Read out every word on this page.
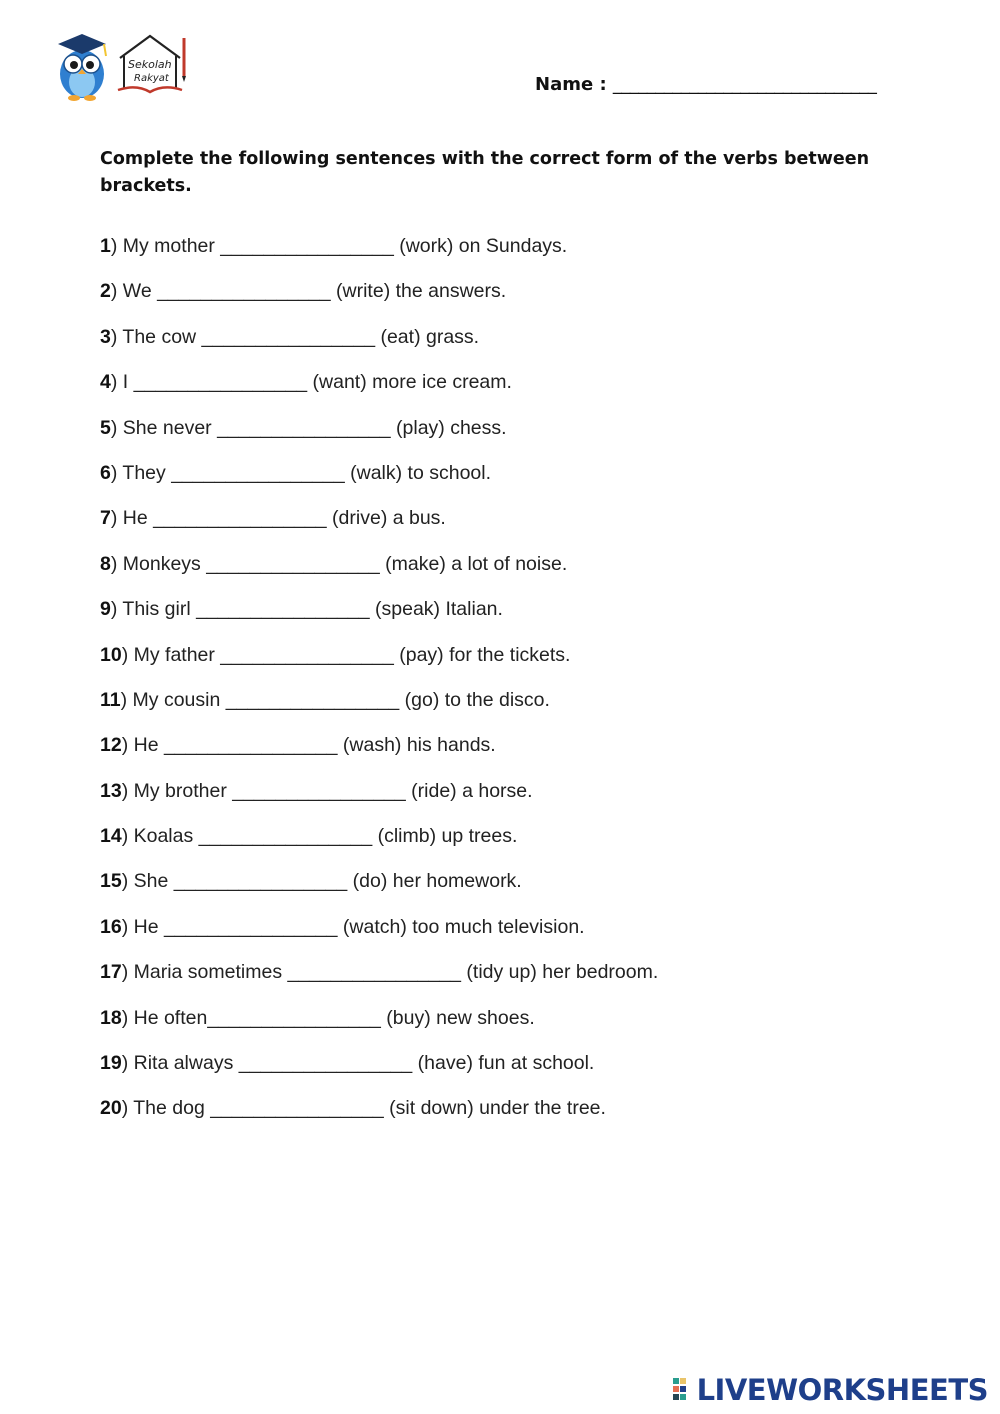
Sekolah
Rakyat	Name : _______________________________
Complete the following sentences with the correct form of the verbs between brackets.
1) My mother ________________ (work) on Sundays.
2) We ________________ (write) the answers.
3) The cow ________________ (eat) grass.
4) I ________________ (want) more ice cream.
5) She never ________________ (play) chess.
6) They ________________ (walk) to school.
7) He ________________ (drive) a bus.
8) Monkeys ________________ (make) a lot of noise.
9) This girl ________________ (speak) Italian.
10) My father ________________ (pay) for the tickets.
11) My cousin ________________ (go) to the disco.
12) He ________________ (wash) his hands.
13) My brother ________________ (ride) a horse.
14) Koalas ________________ (climb) up trees.
15) She ________________ (do) her homework.
16) He ________________ (watch) too much television.
17) Maria sometimes ________________ (tidy up) her bedroom.
18) He often________________ (buy) new shoes.
19) Rita always ________________ (have) fun at school.
20) The dog ________________ (sit down) under the tree.
LIVEWORKSHEETS
